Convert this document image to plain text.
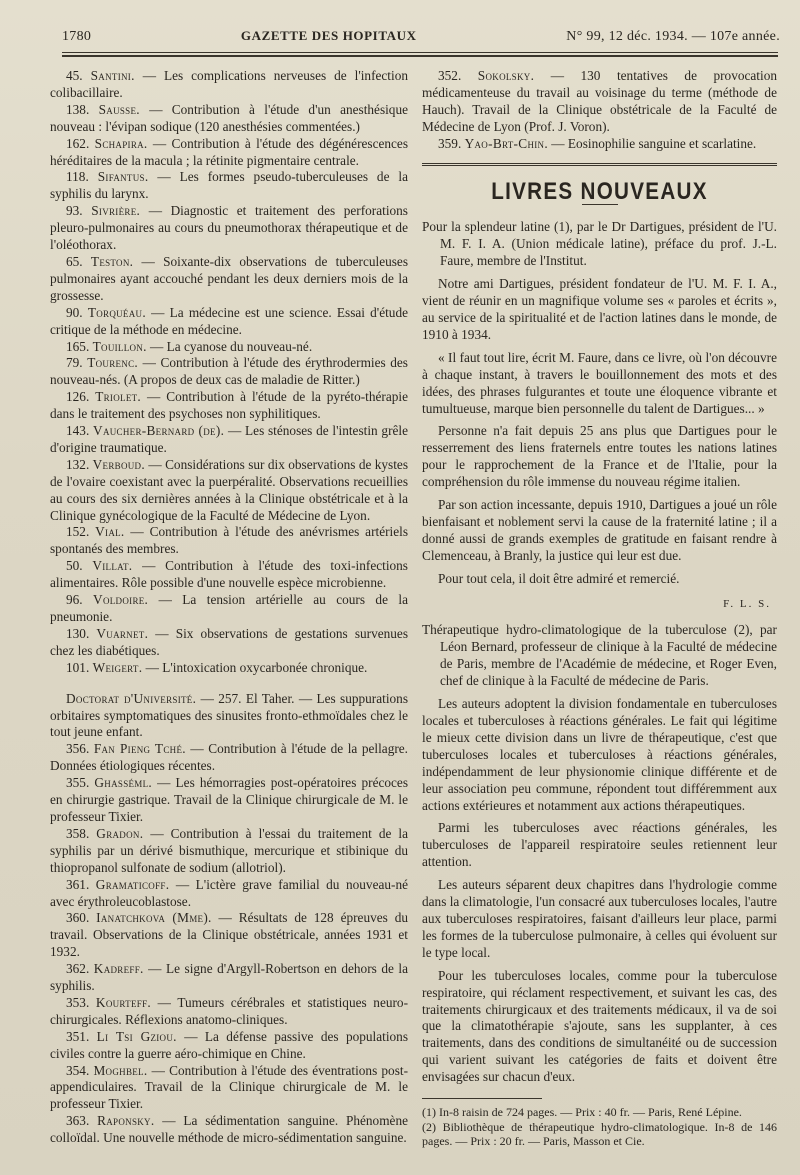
1780	GAZETTE DES HOPITAUX	N° 99, 12 déc. 1934. — 107e année.

45. Santini. — Les complications nerveuses de l'infection colibacillaire.

138. Sausse. — Contribution à l'étude d'un anesthésique nouveau : l'évipan sodique (120 anesthésies commentées.)

162. Schapira. — Contribution à l'étude des dégénérescences héréditaires de la macula ; la rétinite pigmentaire centrale.

118. Sifantus. — Les formes pseudo-tuberculeuses de la syphilis du larynx.

93. Sivrière. — Diagnostic et traitement des perforations pleuro-pulmonaires au cours du pneumothorax thérapeutique et de l'oléothorax.

65. Teston. — Soixante-dix observations de tuberculeuses pulmonaires ayant accouché pendant les deux derniers mois de la grossesse.

90. Torquéau. — La médecine est une science. Essai d'étude critique de la méthode en médecine.

165. Touillon. — La cyanose du nouveau-né.

79. Tourenc. — Contribution à l'étude des érythrodermies des nouveau-nés. (A propos de deux cas de maladie de Ritter.)

126. Triolet. — Contribution à l'étude de la pyréto-thérapie dans le traitement des psychoses non syphilitiques.

143. Vaucher-Bernard (de). — Les sténoses de l'intestin grêle d'origine traumatique.

132. Verboud. — Considérations sur dix observations de kystes de l'ovaire coexistant avec la puerpéralité. Observations recueillies au cours des six dernières années à la Clinique obstétricale et à la Clinique gynécologique de la Faculté de Médecine de Lyon.

152. Vial. — Contribution à l'étude des anévrismes artériels spontanés des membres.

50. Villat. — Contribution à l'étude des toxi-infections alimentaires. Rôle possible d'une nouvelle espèce microbienne.

96. Voldoire. — La tension artérielle au cours de la pneumonie.

130. Vuarnet. — Six observations de gestations survenues chez les diabétiques.

101. Weigert. — L'intoxication oxycarbonée chronique.

Doctorat d'Université. — 257. El Taher. — Les suppurations orbitaires symptomatiques des sinusites fronto-ethmoïdales chez le tout jeune enfant.

356. Fan Pieng Tché. — Contribution à l'étude de la pellagre. Données étiologiques récentes.

355. Ghasséml. — Les hémorragies post-opératoires précoces en chirurgie gastrique. Travail de la Clinique chirurgicale de M. le professeur Tixier.

358. Gradon. — Contribution à l'essai du traitement de la syphilis par un dérivé bismuthique, mercurique et stibinique du thiopropanol sulfonate de sodium (allotriol).

361. Gramaticoff. — L'ictère grave familial du nouveau-né avec érythroleucoblastose.

360. Ianatchkova (Mme). — Résultats de 128 épreuves du travail. Observations de la Clinique obstétricale, années 1931 et 1932.

362. Kadreff. — Le signe d'Argyll-Robertson en dehors de la syphilis.

353. Kourteff. — Tumeurs cérébrales et statistiques neuro-chirurgicales. Réflexions anatomo-cliniques.

351. Li Tsi Gziou. — La défense passive des populations civiles contre la guerre aéro-chimique en Chine.

354. Moghbel. — Contribution à l'étude des éventrations post-appendiculaires. Travail de la Clinique chirurgicale de M. le professeur Tixier.

363. Raponsky. — La sédimentation sanguine. Phénomène colloïdal. Une nouvelle méthode de micro-sédimentation sanguine.

352. Sokolsky. — 130 tentatives de provocation médicamenteuse du travail au voisinage du terme (méthode de Hauch). Travail de la Clinique obstétricale de la Faculté de Médecine de Lyon (Prof. J. Voron).

359. Yao-Brt-Chin. — Eosinophilie sanguine et scarlatine.

LIVRES NOUVEAUX

Pour la splendeur latine (1), par le Dr Dartigues, président de l'U. M. F. I. A. (Union médicale latine), préface du prof. J.-L. Faure, membre de l'Institut.

Notre ami Dartigues, président fondateur de l'U. M. F. I. A., vient de réunir en un magnifique volume ses « paroles et écrits », au service de la spiritualité et de l'action latines dans le monde, de 1910 à 1934.

« Il faut tout lire, écrit M. Faure, dans ce livre, où l'on découvre à chaque instant, à travers le bouillonnement des mots et des idées, des phrases fulgurantes et toute une éloquence vibrante et tumultueuse, marque bien personnelle du talent de Dartigues... »

Personne n'a fait depuis 25 ans plus que Dartigues pour le resserrement des liens fraternels entre toutes les nations latines pour le rapprochement de la France et de l'Italie, pour la compréhension du rôle immense du nouveau régime italien.

Par son action incessante, depuis 1910, Dartigues a joué un rôle bienfaisant et noblement servi la cause de la fraternité latine ; il a donné aussi de grands exemples de gratitude en faisant rendre à Clemenceau, à Branly, la justice qui leur est due.

Pour tout cela, il doit être admiré et remercié.

F. L. S.

Thérapeutique hydro-climatologique de la tuberculose (2), par Léon Bernard, professeur de clinique à la Faculté de médecine de Paris, membre de l'Académie de médecine, et Roger Even, chef de clinique à la Faculté de médecine de Paris.

Les auteurs adoptent la division fondamentale en tuberculoses locales et tuberculoses à réactions générales. Le fait qui légitime le mieux cette division dans un livre de thérapeutique, c'est que tuberculoses locales et tuberculoses à réactions générales, indépendamment de leur physionomie clinique différente et de leur association peu commune, répondent tout différemment aux actions extérieures et notamment aux actions thérapeutiques.

Parmi les tuberculoses avec réactions générales, les tuberculoses de l'appareil respiratoire seules retiennent leur attention.

Les auteurs séparent deux chapitres dans l'hydrologie comme dans la climatologie, l'un consacré aux tuberculoses locales, l'autre aux tuberculoses respiratoires, faisant d'ailleurs leur place, parmi les formes de la tuberculose pulmonaire, à celles qui évoluent sur le type local.

Pour les tuberculoses locales, comme pour la tuberculose respiratoire, qui réclament respectivement, et suivant les cas, des traitements chirurgicaux et des traitements médicaux, il va de soi que la climatothérapie s'ajoute, sans les supplanter, à ces traitements, dans des conditions de simultanéité ou de succession qui varient suivant les catégories de faits et doivent être envisagées sur chacun d'eux.

(1) In-8 raisin de 724 pages. — Prix : 40 fr. — Paris, René Lépine.

(2) Bibliothèque de thérapeutique hydro-climatologique. In-8 de 146 pages. — Prix : 20 fr. — Paris, Masson et Cie.
